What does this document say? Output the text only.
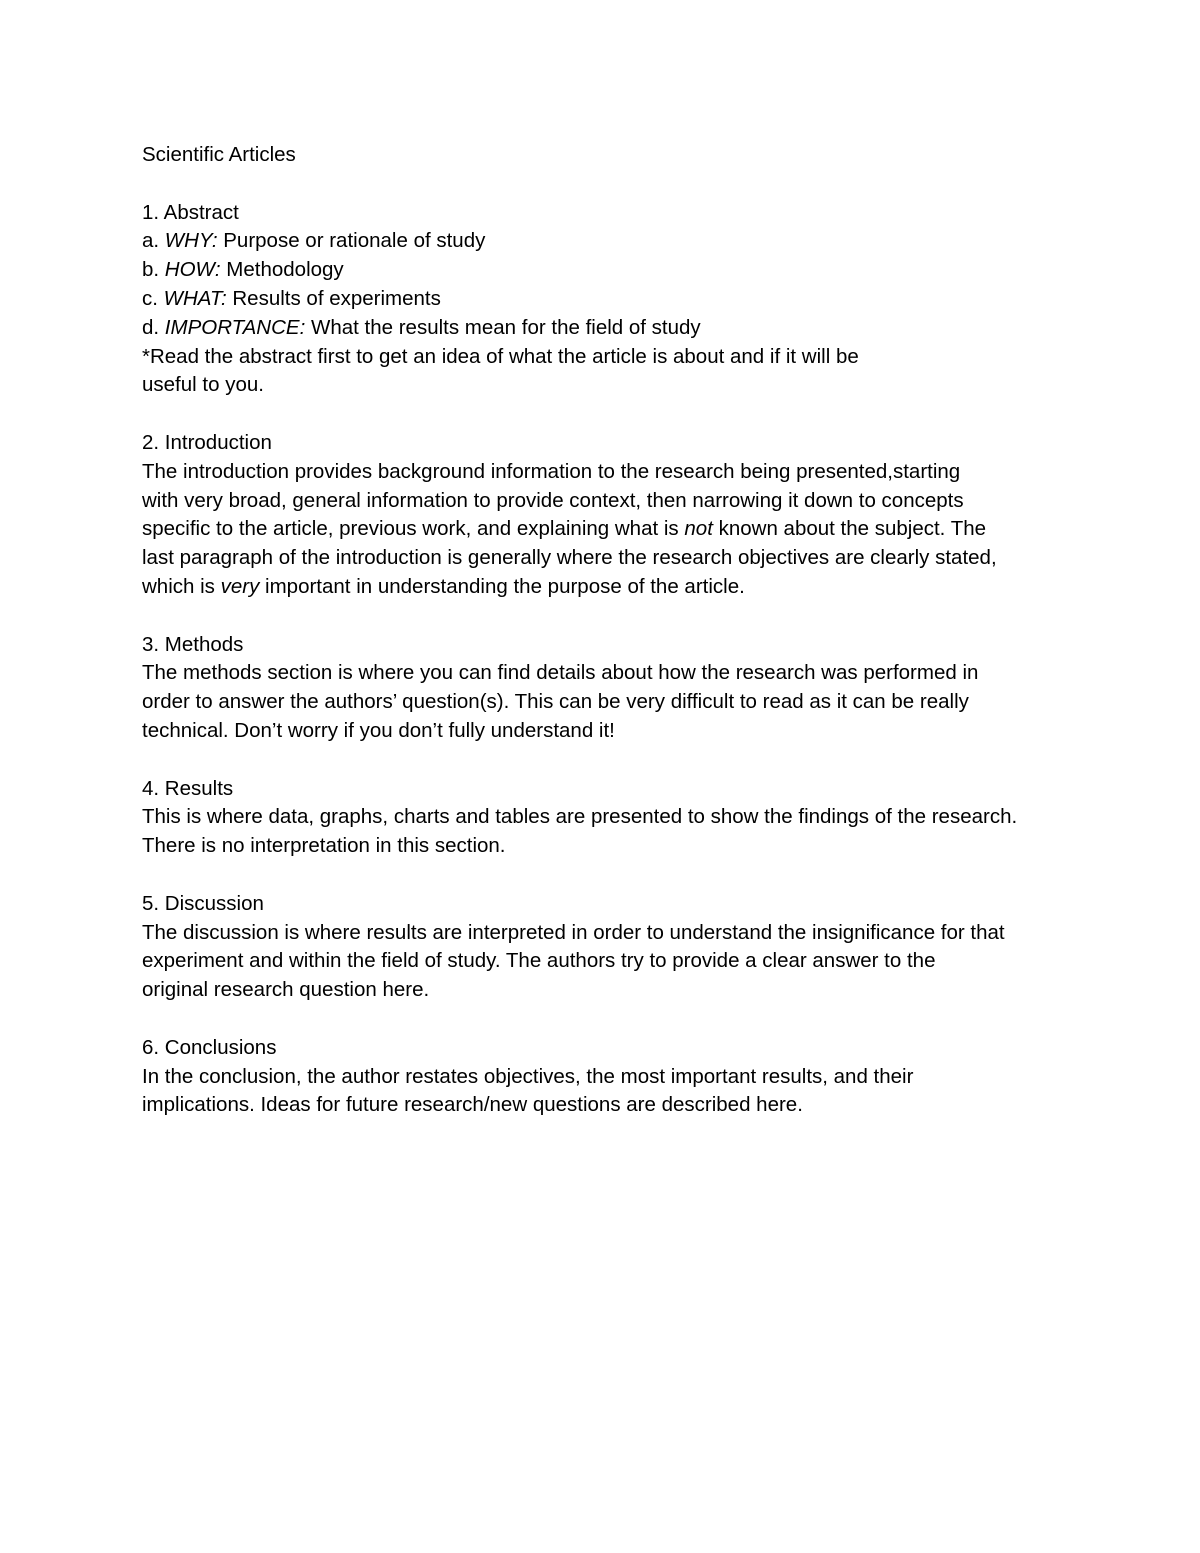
Scientific Articles
1. Abstract
a. WHY: Purpose or rationale of study
b. HOW: Methodology
c. WHAT: Results of experiments
d. IMPORTANCE: What the results mean for the field of study
*Read the abstract first to get an idea of what the article is about and if it will be
useful to you.
2. Introduction
The introduction provides background information to the research being presented,starting
with very broad, general information to provide context, then narrowing it down to concepts
specific to the article, previous work, and explaining what is not known about the subject. The
last paragraph of the introduction is generally where the research objectives are clearly stated,
which is very important in understanding the purpose of the article.
3. Methods
The methods section is where you can find details about how the research was performed in
order to answer the authors’ question(s). This can be very difficult to read as it can be really
technical. Don’t worry if you don’t fully understand it!
4. Results
This is where data, graphs, charts and tables are presented to show the findings of the research.
There is no interpretation in this section.
5. Discussion
The discussion is where results are interpreted in order to understand the insignificance for that
experiment and within the field of study. The authors try to provide a clear answer to the
original research question here.
6. Conclusions
In the conclusion, the author restates objectives, the most important results, and their
implications. Ideas for future research/new questions are described here.
